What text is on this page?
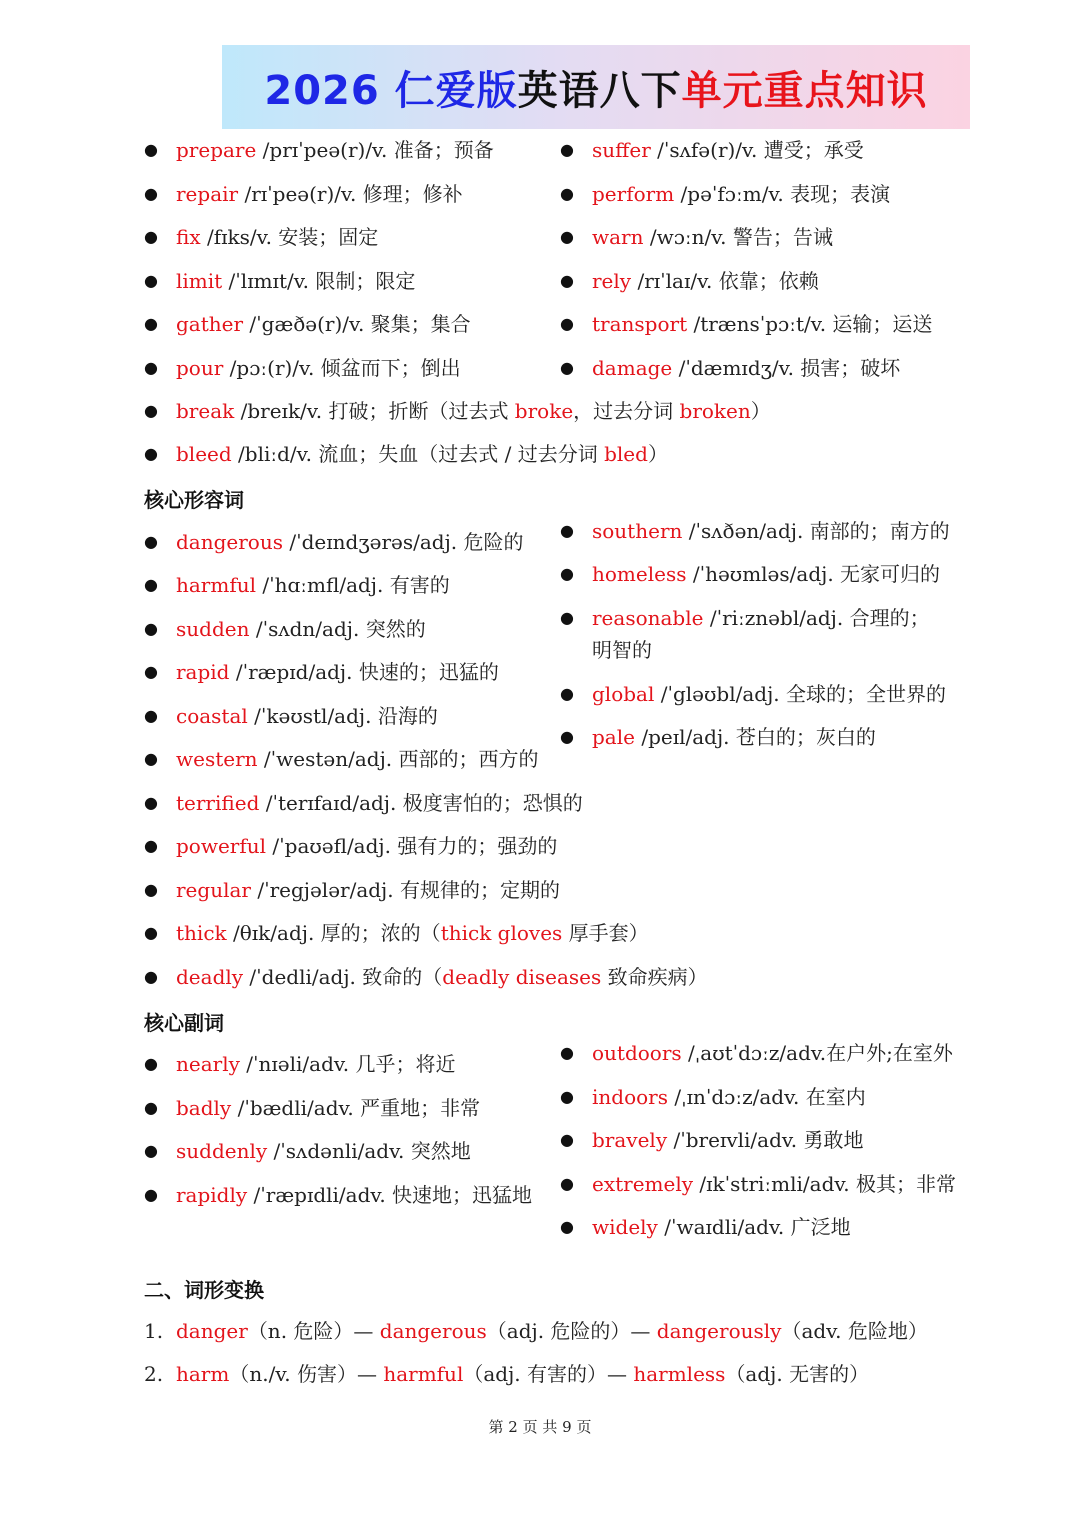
2026 仁爱版 英语八下 单元重点知识
● prepare /prɪˈpeə(r)/v. 准备；预备
● repair /rɪˈpeə(r)/v. 修理；修补
● fix /fɪks/v. 安装；固定
● limit /ˈlɪmɪt/v. 限制；限定
● gather /ˈgæðə(r)/v. 聚集；集合
● pour /pɔː(r)/v. 倾盆而下；倒出
● suffer /ˈsʌfə(r)/v. 遭受；承受
● perform /pəˈfɔːm/v. 表现；表演
● warn /wɔːn/v. 警告；告诫
● rely /rɪˈlaɪ/v. 依靠；依赖
● transport /trænsˈpɔːt/v. 运输；运送
● damage /ˈdæmɪdʒ/v. 损害；破坏
● break /breɪk/v. 打破；折断（过去式 broke，过去分词 broken）
● bleed /bliːd/v. 流血；失血（过去式 / 过去分词 bled）
核心形容词
● dangerous /ˈdeɪndʒərəs/adj. 危险的
● harmful /ˈhɑːmfl/adj. 有害的
● sudden /ˈsʌdn/adj. 突然的
● rapid /ˈræpɪd/adj. 快速的；迅猛的
● coastal /ˈkəʊstl/adj. 沿海的
● western /ˈwestən/adj. 西部的；西方的
● terrified /ˈterɪfaɪd/adj. 极度害怕的；恐惧的
● powerful /ˈpaʊəfl/adj. 强有力的；强劲的
● regular /ˈregjələr/adj. 有规律的；定期的
● southern /ˈsʌðən/adj. 南部的；南方的
● homeless /ˈhəʊmləs/adj. 无家可归的
● reasonable /ˈriːznəbl/adj. 合理的；明智的
● global /ˈgləʊbl/adj. 全球的；全世界的
● pale /peɪl/adj. 苍白的；灰白的
● thick /θɪk/adj. 厚的；浓的（thick gloves 厚手套）
● deadly /ˈdedli/adj. 致命的（deadly diseases 致命疾病）
核心副词
● nearly /ˈnɪəli/adv. 几乎；将近
● badly /ˈbædli/adv. 严重地；非常
● suddenly /ˈsʌdənli/adv. 突然地
● rapidly /ˈræpɪdli/adv. 快速地；迅猛地
● outdoors /ˌaʊtˈdɔːz/adv.在户外;在室外
● indoors /ˌɪnˈdɔːz/adv. 在室内
● bravely /ˈbreɪvli/adv. 勇敢地
● extremely /ɪkˈstriːmli/adv. 极其；非常
● widely /ˈwaɪdli/adv. 广泛地
二、词形变换
1. danger（n. 危险）— dangerous（adj. 危险的）— dangerously（adv. 危险地）
2. harm（n./v. 伤害）— harmful（adj. 有害的）— harmless（adj. 无害的）
第 2 页 共 9 页
